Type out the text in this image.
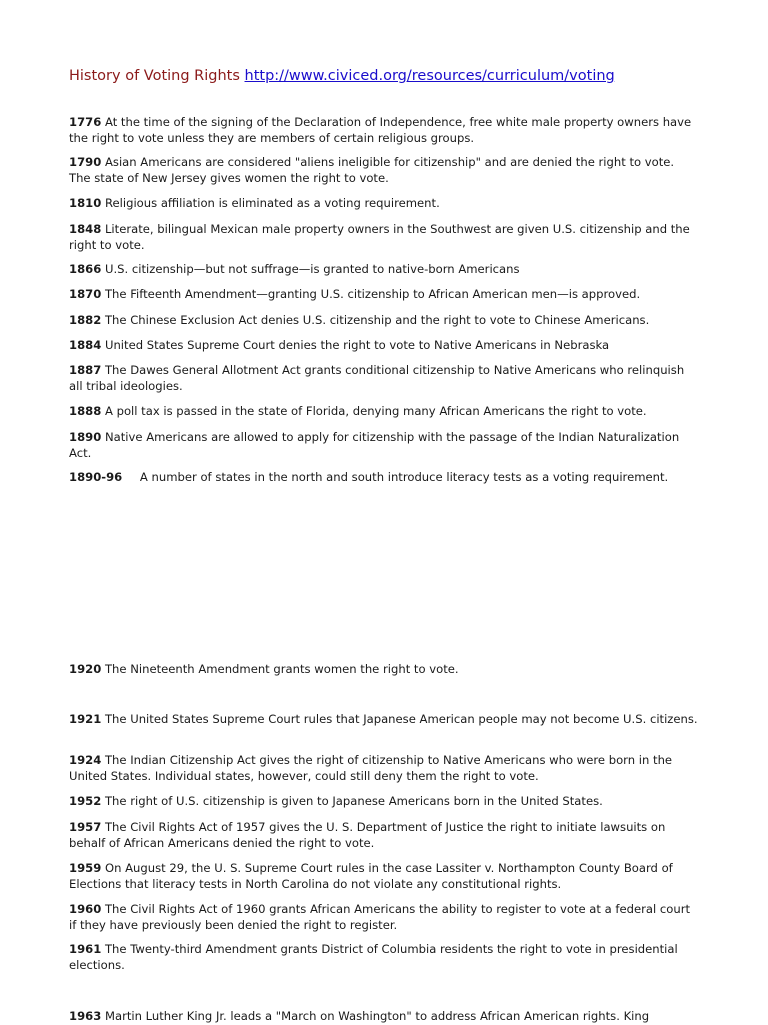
History of Voting Rights http://www.civiced.org/resources/curriculum/voting
1776 At the time of the signing of the Declaration of Independence, free white male property owners have the right to vote unless they are members of certain religious groups.
1790 Asian Americans are considered "aliens ineligible for citizenship" and are denied the right to vote. The state of New Jersey gives women the right to vote.
1810 Religious affiliation is eliminated as a voting requirement.
1848 Literate, bilingual Mexican male property owners in the Southwest are given U.S. citizenship and the right to vote.
1866 U.S. citizenship—but not suffrage—is granted to native-born Americans
1870 The Fifteenth Amendment—granting U.S. citizenship to African American men—is approved.
1882 The Chinese Exclusion Act denies U.S. citizenship and the right to vote to Chinese Americans.
1884 United States Supreme Court denies the right to vote to Native Americans in Nebraska
1887 The Dawes General Allotment Act grants conditional citizenship to Native Americans who relinquish all tribal ideologies.
1888 A poll tax is passed in the state of Florida, denying many African Americans the right to vote.
1890 Native Americans are allowed to apply for citizenship with the passage of the Indian Naturalization Act.
1890-96 A number of states in the north and south introduce literacy tests as a voting requirement.
1920 The Nineteenth Amendment grants women the right to vote.
1921 The United States Supreme Court rules that Japanese American people may not become U.S. citizens.
1924 The Indian Citizenship Act gives the right of citizenship to Native Americans who were born in the United States. Individual states, however, could still deny them the right to vote.
1952 The right of U.S. citizenship is given to Japanese Americans born in the United States.
1957 The Civil Rights Act of 1957 gives the U. S. Department of Justice the right to initiate lawsuits on behalf of African Americans denied the right to vote.
1959 On August 29, the U. S. Supreme Court rules in the case Lassiter v. Northampton County Board of Elections that literacy tests in North Carolina do not violate any constitutional rights.
1960 The Civil Rights Act of 1960 grants African Americans the ability to register to vote at a federal court if they have previously been denied the right to register.
1961 The Twenty-third Amendment grants District of Columbia residents the right to vote in presidential elections.
1963 Martin Luther King Jr. leads a "March on Washington" to address African American rights. King
